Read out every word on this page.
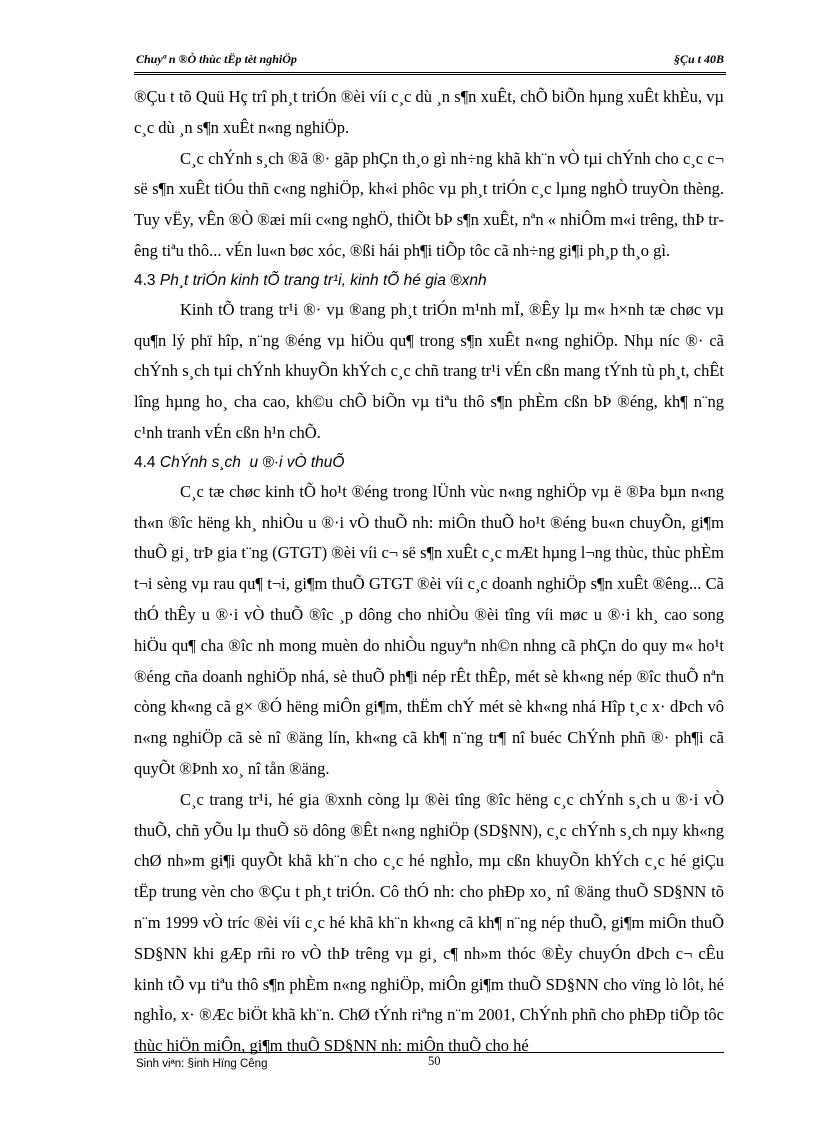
Chuyª n ®Ò thùc tËp tèt nghiÖp	§Çu t 40B

®Çu t tõ Quü Hç trî ph¸t triÓn ®èi víi c¸c dù ¸n s¶n xuÊt, chÕ biÕn hµng xuÊt khÈu, vµ c¸c dù ¸n s¶n xuÊt n«ng nghiÖp.

C¸c chÝnh s¸ch ®ã ®· gãp phÇn th¸o gì nh÷ng khã kh¨n vÒ tµi chÝnh cho c¸c c¬ së s¶n xuÊt tiÓu thñ c«ng nghiÖp, kh«i phôc vµ ph¸t triÓn c¸c lµng nghÒ truyÒn thèng. Tuy vËy, vÊn ®Ò ®æi míi c«ng nghÖ, thiÕt bÞ s¶n xuÊt, nªn « nhiÔm m«i trêng, thÞ trêng tiªu thô... vÉn lu«n bøc xóc, ®ßi hái ph¶i tiÕp tôc cã nh÷ng gi¶i ph¸p th¸o gì.

4.3 Ph¸t triÓn kinh tÕ trang tr¹i, kinh tÕ hé gia ®xnh

Kinh tÕ trang tr¹i ®· vµ ®ang ph¸t triÓn m¹nh mÏ, ®Êy lµ m« h×nh tæ chøc vµ qu¶n lý phï hîp, n¨ng ®éng vµ hiÖu qu¶ trong s¶n xuÊt n«ng nghiÖp. Nhµ níc ®· cã chÝnh s¸ch tµi chÝnh khuyÕn khÝch c¸c chñ trang tr¹i vÉn cßn mang tÝnh tù ph¸t, chÊt lîng hµng ho¸ cha cao, kh©u chÕ biÕn vµ tiªu thô s¶n phÈm cßn bÞ ®éng, kh¶ n¨ng c¹nh tranh vÉn cßn h¹n chÕ.

4.4 ChÝnh s¸ch u ®·i vÒ thuÕ

C¸c tæ chøc kinh tÕ ho¹t ®éng trong lÜnh vùc n«ng nghiÖp vµ ë ®Þa bµn n«ng th«n ®îc hëng kh¸ nhiÒu u ®·i vÒ thuÕ nh: miÔn thuÕ ho¹t ®éng bu«n chuyÕn, gi¶m thuÕ gi¸ trÞ gia t¨ng (GTGT) ®èi víi c¬ së s¶n xuÊt c¸c mÆt hµng l¬ng thùc, thùc phÈm t¬i sèng vµ rau qu¶ t¬i, gi¶m thuÕ GTGT ®èi víi c¸c doanh nghiÖp s¶n xuÊt ®êng... Cã thÓ thÊy u ®·i vÒ thuÕ ®îc ¸p dông cho nhiÒu ®èi tîng víi møc u ®·i kh¸ cao song hiÖu qu¶ cha ®îc nh mong muèn do nhiÒu nguyªn nh©n nhng cã phÇn do quy m« ho¹t ®éng cña doanh nghiÖp nhá, sè thuÕ ph¶i nép rÊt thÊp, mét sè kh«ng nép ®îc thuÕ nªn còng kh«ng cã g× ®Ó hëng miÔn gi¶m, thËm chÝ mét sè kh«ng nhá Hîp t¸c x· dÞch vô n«ng nghiÖp cã sè nî ®äng lín, kh«ng cã kh¶ n¨ng tr¶ nî buéc ChÝnh phñ ®· ph¶i cã quyÕt ®Þnh xo¸ nî tån ®äng.

C¸c trang tr¹i, hé gia ®xnh còng lµ ®èi tîng ®îc hëng c¸c chÝnh s¸ch u ®·i vÒ thuÕ, chñ yÕu lµ thuÕ sö dông ®Êt n«ng nghiÖp (SD§NN), c¸c chÝnh s¸ch nµy kh«ng chØ nh»m gi¶i quyÕt khã kh¨n cho c¸c hé nghÌo, mµ cßn khuyÕn khÝch c¸c hé giÇu tËp trung vèn cho ®Çu t ph¸t triÓn. Cô thÓ nh: cho phÐp xo¸ nî ®äng thuÕ SD§NN tõ n¨m 1999 vÒ tríc ®èi víi c¸c hé khã kh¨n kh«ng cã kh¶ n¨ng nép thuÕ, gi¶m miÔn thuÕ SD§NN khi gÆp rñi ro vÒ thÞ trêng vµ gi¸ c¶ nh»m thóc ®Èy chuyÓn dÞch c¬ cÊu kinh tÕ vµ tiªu thô s¶n phÈm n«ng nghiÖp, miÔn gi¶m thuÕ SD§NN cho vïng lò lôt, hé nghÌo, x· ®Æc biÖt khã kh¨n. ChØ tÝnh riªng n¨m 2001, ChÝnh phñ cho phÐp tiÕp tôc thùc hiÖn miÔn, gi¶m thuÕ SD§NN nh: miÔn thuÕ cho hé

Sinh viªn: §inh Hïng Cêng	50
